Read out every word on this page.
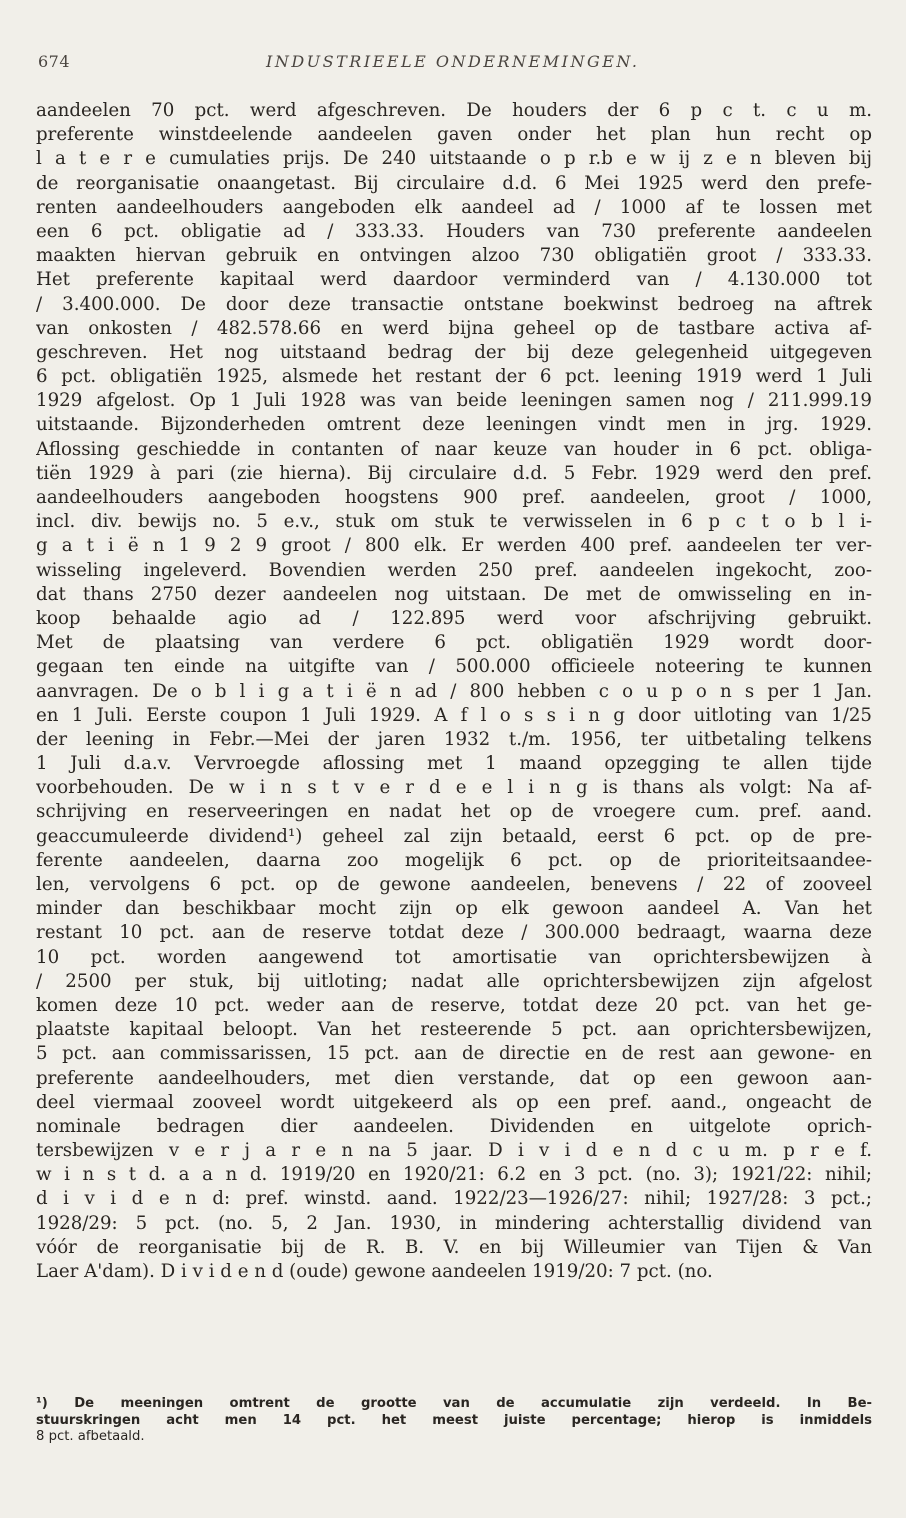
674	INDUSTRIEELE ONDERNEMINGEN.
aandeelen 70 pct. werd afgeschreven. De houders der 6 p c t. c u m.
preferente winstdeelende aandeelen gaven onder het plan hun recht op
l a t e r e cumulaties prijs. De 240 uitstaande o p r.b e w ij z e n bleven bij
de reorganisatie onaangetast. Bij circulaire d.d. 6 Mei 1925 werd den prefe-
renten aandeelhouders aangeboden elk aandeel ad / 1000 af te lossen met
een 6 pct. obligatie ad / 333.33. Houders van 730 preferente aandeelen
maakten hiervan gebruik en ontvingen alzoo 730 obligatiën groot / 333.33.
Het preferente kapitaal werd daardoor verminderd van / 4.130.000 tot
/ 3.400.000. De door deze transactie ontstane boekwinst bedroeg na aftrek
van onkosten / 482.578.66 en werd bijna geheel op de tastbare activa af-
geschreven. Het nog uitstaand bedrag der bij deze gelegenheid uitgegeven
6 pct. obligatiën 1925, alsmede het restant der 6 pct. leening 1919 werd 1 Juli
1929 afgelost. Op 1 Juli 1928 was van beide leeningen samen nog / 211.999.19
uitstaande. Bijzonderheden omtrent deze leeningen vindt men in jrg. 1929.
Aflossing geschiedde in contanten of naar keuze van houder in 6 pct. obliga-
tiën 1929 à pari (zie hierna). Bij circulaire d.d. 5 Febr. 1929 werd den pref.
aandeelhouders aangeboden hoogstens 900 pref. aandeelen, groot / 1000,
incl. div. bewijs no. 5 e.v., stuk om stuk te verwisselen in 6 p c t o b l i-
g a t i ë n 1 9 2 9 groot / 800 elk. Er werden 400 pref. aandeelen ter ver-
wisseling ingeleverd. Bovendien werden 250 pref. aandeelen ingekocht, zoo-
dat thans 2750 dezer aandeelen nog uitstaan. De met de omwisseling en in-
koop behaalde agio ad / 122.895 werd voor afschrijving gebruikt.
Met de plaatsing van verdere 6 pct. obligatiën 1929 wordt door-
gegaan ten einde na uitgifte van / 500.000 officieele noteering te kunnen
aanvragen. De o b l i g a t i ë n ad / 800 hebben c o u p o n s per 1 Jan.
en 1 Juli. Eerste coupon 1 Juli 1929. A f l o s s i n g door uitloting van 1/25
der leening in Febr.—Mei der jaren 1932 t./m. 1956, ter uitbetaling telkens
1 Juli d.a.v. Vervroegde aflossing met 1 maand opzegging te allen tijde
voorbehouden. De w i n s t v e r d e e l i n g is thans als volgt: Na af-
schrijving en reserveeringen en nadat het op de vroegere cum. pref. aand.
geaccumuleerde dividend¹) geheel zal zijn betaald, eerst 6 pct. op de pre-
ferente aandeelen, daarna zoo mogelijk 6 pct. op de prioriteitsaandee-
len, vervolgens 6 pct. op de gewone aandeelen, benevens / 22 of zooveel
minder dan beschikbaar mocht zijn op elk gewoon aandeel A. Van het
restant 10 pct. aan de reserve totdat deze / 300.000 bedraagt, waarna deze
10 pct. worden aangewend tot amortisatie van oprichtersbewijzen à
/ 2500 per stuk, bij uitloting; nadat alle oprichtersbewijzen zijn afgelost
komen deze 10 pct. weder aan de reserve, totdat deze 20 pct. van het ge-
plaatste kapitaal beloopt. Van het resteerende 5 pct. aan oprichtersbewijzen,
5 pct. aan commissarissen, 15 pct. aan de directie en de rest aan gewone- en
preferente aandeelhouders, met dien verstande, dat op een gewoon aan-
deel viermaal zooveel wordt uitgekeerd als op een pref. aand., ongeacht de
nominale bedragen dier aandeelen. Dividenden en uitgelote oprich-
tersbewijzen v e r j a r e n na 5 jaar. D i v i d e n d c u m. p r e f.
w i n s t d. a a n d. 1919/20 en 1920/21: 6.2 en 3 pct. (no. 3); 1921/22: nihil;
d i v i d e n d: pref. winstd. aand. 1922/23—1926/27: nihil; 1927/28: 3 pct.;
1928/29: 5 pct. (no. 5, 2 Jan. 1930, in mindering achterstallig dividend van
vóór de reorganisatie bij de R. B. V. en bij Willeumier van Tijen & Van
Laer A'dam). D i v i d e n d (oude) gewone aandeelen 1919/20: 7 pct. (no.
¹) De meeningen omtrent de grootte van de accumulatie zijn verdeeld. In Be-
stuurskringen acht men 14 pct. het meest juiste percentage; hierop is inmiddels
8 pct. afbetaald.
